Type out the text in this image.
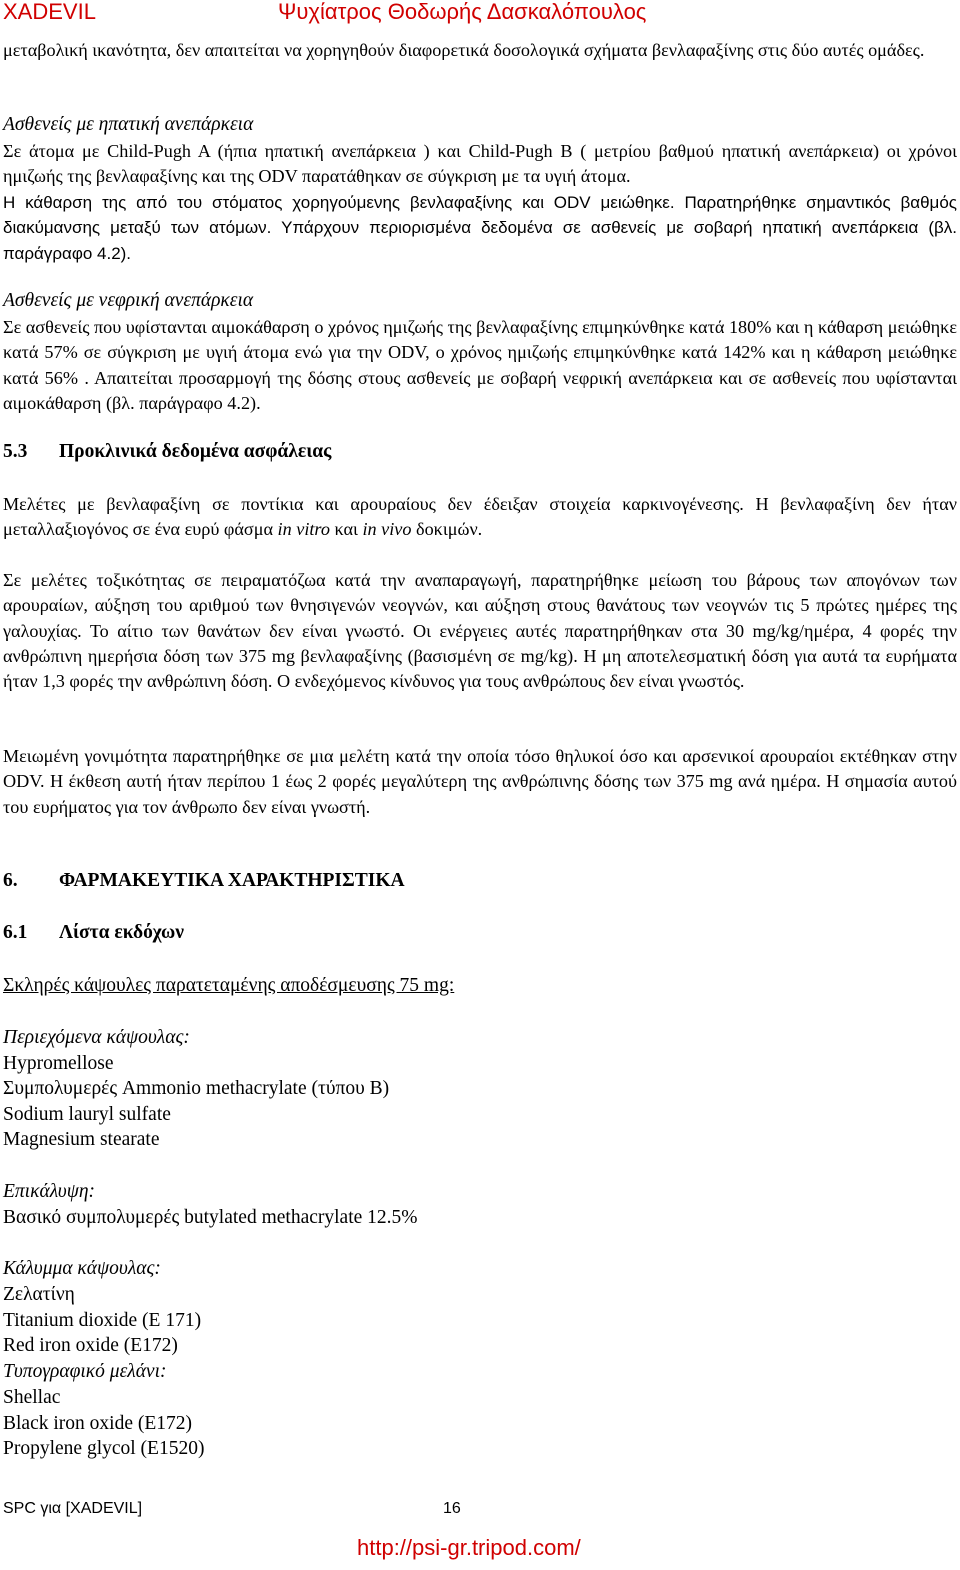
XADEVIL	Ψυχίατρος Θοδωρής Δασκαλόπουλος

μεταβολική ικανότητα, δεν απαιτείται να χορηγηθούν διαφορετικά δοσολογικά σχήματα βενλαφαξίνης στις δύο αυτές ομάδες.

Ασθενείς με ηπατική ανεπάρκεια

Σε άτομα με Child-Pugh A (ήπια ηπατική ανεπάρκεια ) και Child-Pugh B ( μετρίου βαθμού ηπατική ανεπάρκεια) οι χρόνοι ημιζωής της βενλαφαξίνης και της ODV παρατάθηκαν σε σύγκριση με τα υγιή άτομα.

Η κάθαρση της από του στόματος χορηγούμενης βενλαφαξίνης και ODV μειώθηκε. Παρατηρήθηκε σημαντικός βαθμός διακύμανσης μεταξύ των ατόμων. Υπάρχουν περιορισμένα δεδομένα σε ασθενείς με σοβαρή ηπατική ανεπάρκεια (βλ. παράγραφο 4.2).

Ασθενείς με νεφρική ανεπάρκεια

Σε ασθενείς που υφίστανται αιμοκάθαρση ο χρόνος ημιζωής της βενλαφαξίνης επιμηκύνθηκε κατά 180% και η κάθαρση μειώθηκε κατά 57% σε σύγκριση με υγιή άτομα ενώ για την ODV, ο χρόνος ημιζωής επιμηκύνθηκε κατά 142% και η κάθαρση μειώθηκε κατά 56% . Απαιτείται προσαρμογή της δόσης στους ασθενείς με σοβαρή νεφρική ανεπάρκεια και σε ασθενείς που υφίστανται αιμοκάθαρση (βλ. παράγραφο 4.2).

5.3 Προκλινικά δεδομένα ασφάλειας

Μελέτες με βενλαφαξίνη σε ποντίκια και αρουραίους δεν έδειξαν στοιχεία καρκινογένεσης. Η βενλαφαξίνη δεν ήταν μεταλλαξιογόνος σε ένα ευρύ φάσμα in vitro και in vivo δοκιμών.

Σε μελέτες τοξικότητας σε πειραματόζωα κατά την αναπαραγωγή, παρατηρήθηκε μείωση του βάρους των απογόνων των αρουραίων, αύξηση του αριθμού των θνησιγενών νεογνών, και αύξηση στους θανάτους των νεογνών τις 5 πρώτες ημέρες της γαλουχίας. Το αίτιο των θανάτων δεν είναι γνωστό. Οι ενέργειες αυτές παρατηρήθηκαν στα 30 mg/kg/ημέρα, 4 φορές την ανθρώπινη ημερήσια δόση των 375 mg βενλαφαξίνης (βασισμένη σε mg/kg). Η μη αποτελεσματική δόση για αυτά τα ευρήματα ήταν 1,3 φορές την ανθρώπινη δόση. Ο ενδεχόμενος κίνδυνος για τους ανθρώπους δεν είναι γνωστός.

Μειωμένη γονιμότητα παρατηρήθηκε σε μια μελέτη κατά την οποία τόσο θηλυκοί όσο και αρσενικοί αρουραίοι εκτέθηκαν στην ODV. Η έκθεση αυτή ήταν περίπου 1 έως 2 φορές μεγαλύτερη της ανθρώπινης δόσης των 375 mg ανά ημέρα. Η σημασία αυτού του ευρήματος για τον άνθρωπο δεν είναι γνωστή.

6. ΦΑΡΜΑΚΕΥΤΙΚΑ ΧΑΡΑΚΤΗΡΙΣΤΙΚΑ
6.1 Λίστα εκδόχων
Σκληρές κάψουλες παρατεταμένης αποδέσμευσης 75 mg:
Περιεχόμενα κάψουλας:
Hypromellose
Συμπολυμερές Ammonio methacrylate (τύπου B)
Sodium lauryl sulfate
Magnesium stearate
Επικάλυψη:
Βασικό συμπολυμερές butylated methacrylate 12.5%
Κάλυμμα κάψουλας:
Ζελατίνη
Titanium dioxide (E 171)
Red iron oxide (E172)
Τυπογραφικό μελάνι:
Shellac
Black iron oxide (E172)
Propylene glycol (E1520)
SPC για [XADEVIL]	16
http://psi-gr.tripod.com/
